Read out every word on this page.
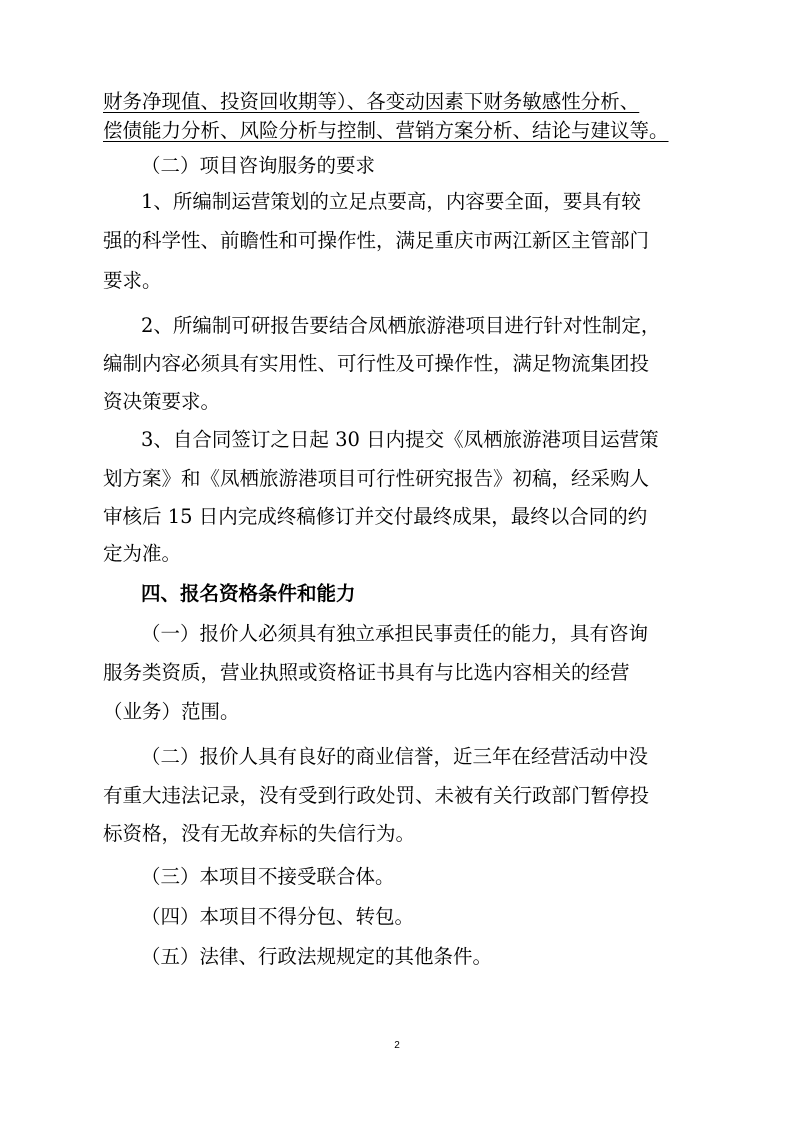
财务净现值、投资回收期等）、各变动因素下财务敏感性分析、
偿债能力分析、风险分析与控制、营销方案分析、结论与建议等。
（二）项目咨询服务的要求
1、所编制运营策划的立足点要高，内容要全面，要具有较
强的科学性、前瞻性和可操作性，满足重庆市两江新区主管部门
要求。
2、所编制可研报告要结合凤栖旅游港项目进行针对性制定，
编制内容必须具有实用性、可行性及可操作性，满足物流集团投
资决策要求。
3、自合同签订之日起 30 日内提交《凤栖旅游港项目运营策
划方案》和《凤栖旅游港项目可行性研究报告》初稿，经采购人
审核后 15 日内完成终稿修订并交付最终成果，最终以合同的约
定为准。
四、报名资格条件和能力
（一）报价人必须具有独立承担民事责任的能力，具有咨询
服务类资质，营业执照或资格证书具有与比选内容相关的经营
（业务）范围。
（二）报价人具有良好的商业信誉，近三年在经营活动中没
有重大违法记录，没有受到行政处罚、未被有关行政部门暂停投
标资格，没有无故弃标的失信行为。
（三）本项目不接受联合体。
（四）本项目不得分包、转包。
（五）法律、行政法规规定的其他条件。
2
